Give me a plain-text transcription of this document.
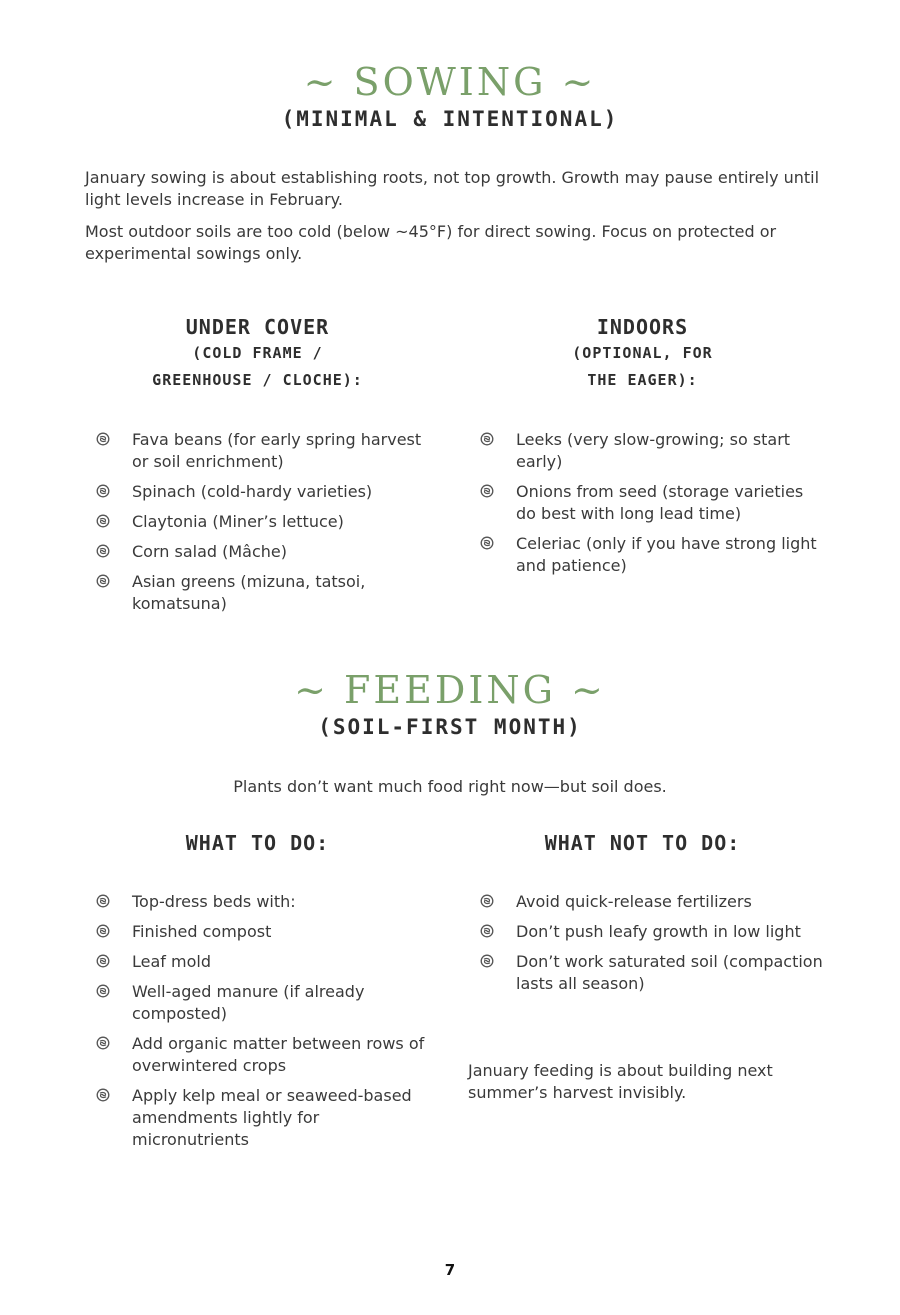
~ SOWING ~
(MINIMAL & INTENTIONAL)
January sowing is about establishing roots, not top growth. Growth may pause entirely until light levels increase in February.
Most outdoor soils are too cold (below ~45°F) for direct sowing. Focus on protected or experimental sowings only.
UNDER COVER
(COLD FRAME /
GREENHOUSE / CLOCHE):
INDOORS
(OPTIONAL, FOR
THE EAGER):
Fava beans (for early spring harvest or soil enrichment)
Spinach (cold-hardy varieties)
Claytonia (Miner’s lettuce)
Corn salad (Mâche)
Asian greens (mizuna, tatsoi, komatsuna)
Leeks (very slow-growing; so start early)
Onions from seed (storage varieties do best with long lead time)
Celeriac (only if you have strong light and patience)
~ FEEDING ~
(SOIL-FIRST MONTH)
Plants don’t want much food right now—but soil does.
WHAT TO DO:	WHAT NOT TO DO:
Top-dress beds with:
Finished compost
Leaf mold
Well-aged manure (if already composted)
Add organic matter between rows of overwintered crops
Apply kelp meal or seaweed-based amendments lightly for micronutrients
Avoid quick-release fertilizers
Don’t push leafy growth in low light
Don’t work saturated soil (compaction lasts all season)
January feeding is about building next summer’s harvest invisibly.
7
